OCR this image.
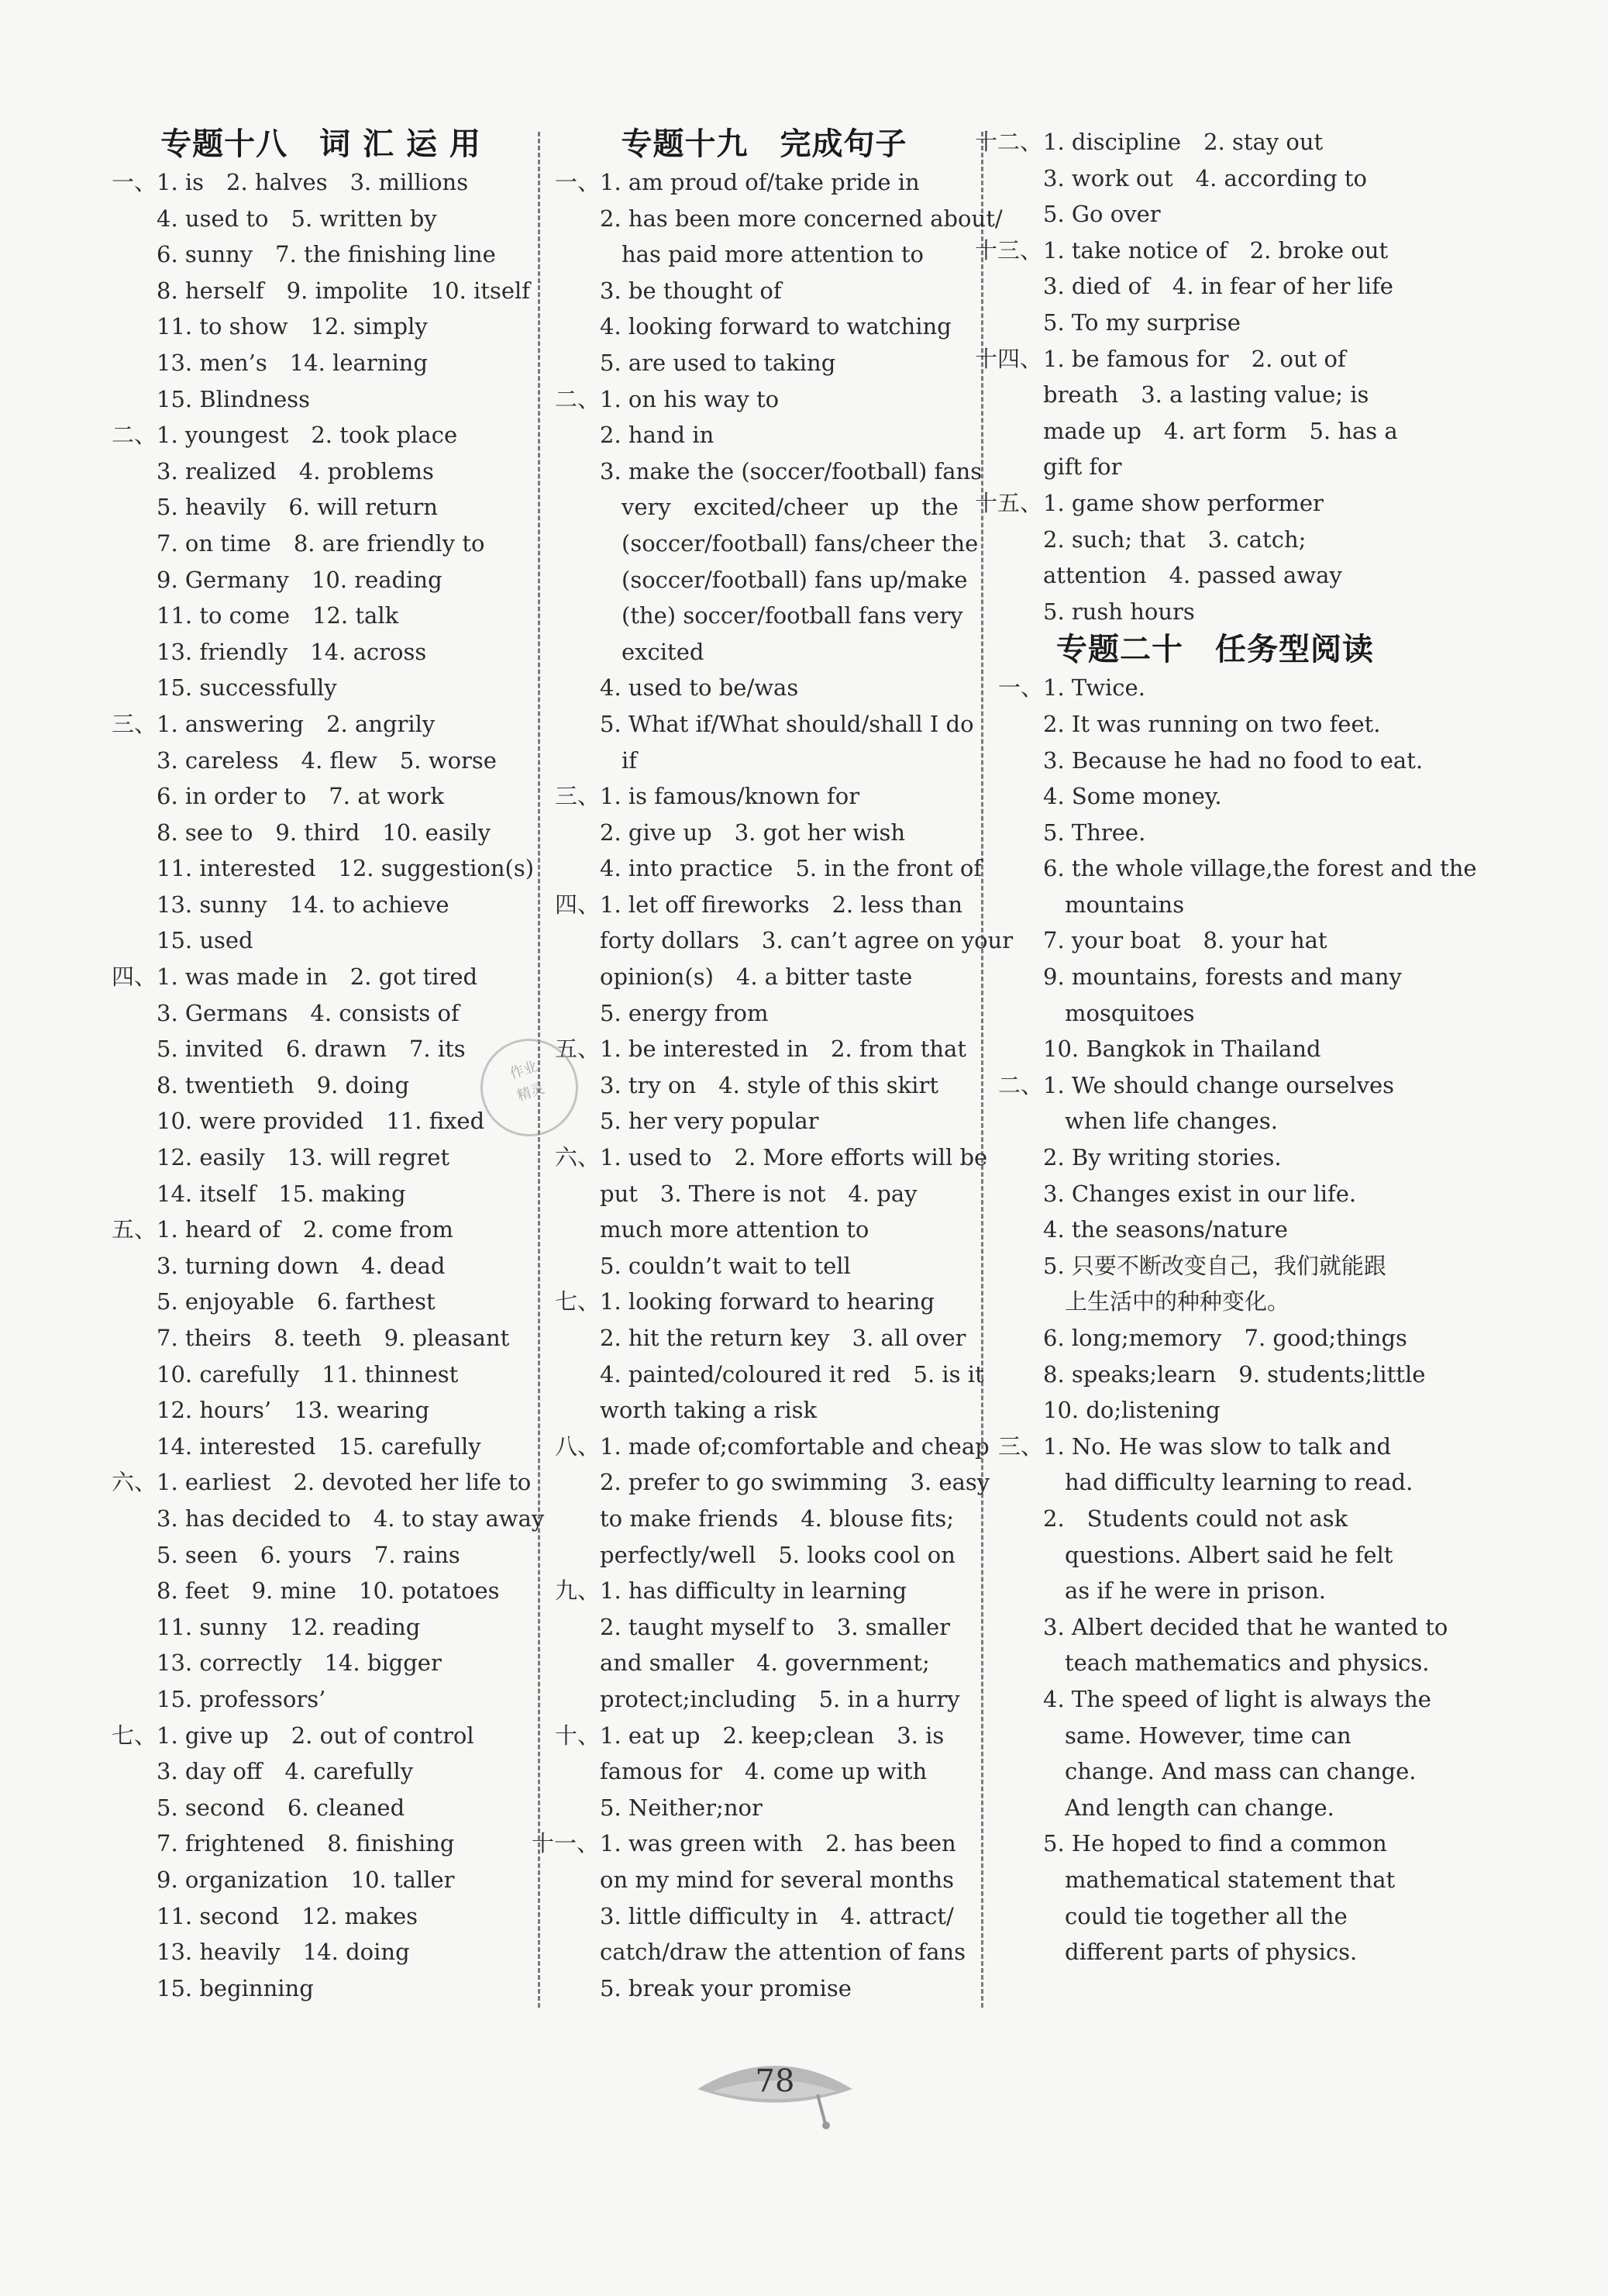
专题十八　词 汇 运 用
一、1. is　2. halves　3. millions
4. used to　5. written by
6. sunny　7. the finishing line
8. herself　9. impolite　10. itself
11. to show　12. simply
13. men’s　14. learning
15. Blindness
二、1. youngest　2. took place
3. realized　4. problems
5. heavily　6. will return
7. on time　8. are friendly to
9. Germany　10. reading
11. to come　12. talk
13. friendly　14. across
15. successfully
三、1. answering　2. angrily
3. careless　4. flew　5. worse
6. in order to　7. at work
8. see to　9. third　10. easily
11. interested　12. suggestion(s)
13. sunny　14. to achieve
15. used
四、1. was made in　2. got tired
3. Germans　4. consists of
5. invited　6. drawn　7. its
8. twentieth　9. doing
10. were provided　11. fixed
12. easily　13. will regret
14. itself　15. making
五、1. heard of　2. come from
3. turning down　4. dead
5. enjoyable　6. farthest
7. theirs　8. teeth　9. pleasant
10. carefully　11. thinnest
12. hours’　13. wearing
14. interested　15. carefully
六、1. earliest　2. devoted her life to
3. has decided to　4. to stay away
5. seen　6. yours　7. rains
8. feet　9. mine　10. potatoes
11. sunny　12. reading
13. correctly　14. bigger
15. professors’
七、1. give up　2. out of control
3. day off　4. carefully
5. second　6. cleaned
7. frightened　8. finishing
9. organization　10. taller
11. second　12. makes
13. heavily　14. doing
15. beginning
专题十九　完成句子
一、1. am proud of/take pride in
2. has been more concerned about/
has paid more attention to
3. be thought of
4. looking forward to watching
5. are used to taking
二、1. on his way to
2. hand in
3. make the (soccer/football) fans
very　excited/cheer　up　the
(soccer/football) fans/cheer the
(soccer/football) fans up/make
(the) soccer/football fans very
excited
4. used to be/was
5. What if/What should/shall I do
if
三、1. is famous/known for
2. give up　3. got her wish
4. into practice　5. in the front of
四、1. let off fireworks　2. less than
forty dollars　3. can’t agree on your
opinion(s)　4. a bitter taste
5. energy from
五、1. be interested in　2. from that
3. try on　4. style of this skirt
5. her very popular
六、1. used to　2. More efforts will be
put　3. There is not　4. pay
much more attention to
5. couldn’t wait to tell
七、1. looking forward to hearing
2. hit the return key　3. all over
4. painted/coloured it red　5. is it
worth taking a risk
八、1. made of;comfortable and cheap
2. prefer to go swimming　3. easy
to make friends　4. blouse fits;
perfectly/well　5. looks cool on
九、1. has difficulty in learning
2. taught myself to　3. smaller
and smaller　4. government;
protect;including　5. in a hurry
十、1. eat up　2. keep;clean　3. is
famous for　4. come up with
5. Neither;nor
十一、1. was green with　2. has been
on my mind for several months
3. little difficulty in　4. attract/
catch/draw the attention of fans
5. break your promise
十二、1. discipline　2. stay out
3. work out　4. according to
5. Go over
十三、1. take notice of　2. broke out
3. died of　4. in fear of her life
5. To my surprise
十四、1. be famous for　2. out of
breath　3. a lasting value; is
made up　4. art form　5. has a
gift for
十五、1. game show performer
2. such; that　3. catch;
attention　4. passed away
5. rush hours
专题二十　任务型阅读
一、1. Twice.
2. It was running on two feet.
3. Because he had no food to eat.
4. Some money.
5. Three.
6. the whole village,the forest and the
mountains
7. your boat　8. your hat
9. mountains, forests and many
mosquitoes
10. Bangkok in Thailand
二、1. We should change ourselves
when life changes.
2. By writing stories.
3. Changes exist in our life.
4. the seasons/nature
5. 只要不断改变自己，我们就能跟
上生活中的种种变化。
6. long;memory　7. good;things
8. speaks;learn　9. students;little
10. do;listening
三、1. No. He was slow to talk and
had difficulty learning to read.
2.　Students could not ask
questions. Albert said he felt
as if he were in prison.
3. Albert decided that he wanted to
teach mathematics and physics.
4. The speed of light is always the
same. However, time can
change. And mass can change.
And length can change.
5. He hoped to find a common
mathematical statement that
could tie together all the
different parts of physics.
作业
精灵
78
